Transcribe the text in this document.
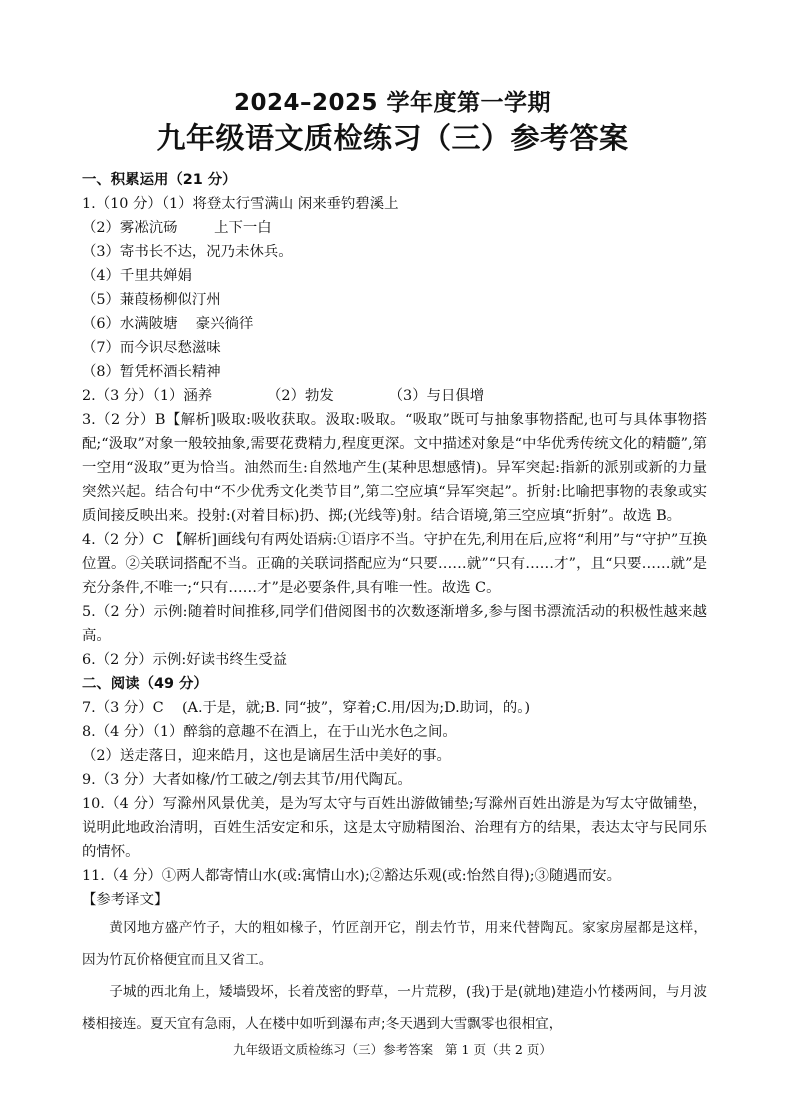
2024–2025 学年度第一学期
九年级语文质检练习（三）参考答案

一、积累运用（21 分）

1.（10 分）（1）将登太行雪满山 闲来垂钓碧溪上

（2）雾凇沆砀        上下一白

（3）寄书长不达，况乃未休兵。

（4）千里共婵娟

（5）蒹葭杨柳似汀州

（6）水满陂塘    豪兴徜徉

（7）而今识尽愁滋味

（8）暂凭杯酒长精神

2.（3 分）（1）涵养            （2）勃发            （3）与日俱增

3.（2 分）B【解析]吸取:吸收获取。汲取:吸取。“吸取”既可与抽象事物搭配,也可与具体事物搭配;“汲取”对象一般较抽象,需要花费精力,程度更深。文中描述对象是“中华优秀传统文化的精髓”,第一空用“汲取”更为恰当。油然而生:自然地产生(某种思想感情)。异军突起:指新的派别或新的力量突然兴起。结合句中“不少优秀文化类节目”,第二空应填“异军突起”。折射:比喻把事物的表象或实质间接反映出来。投射:(对着目标)扔、掷;(光线等)射。结合语境,第三空应填“折射”。故选 B。

4.（2 分）C 【解析]画线句有两处语病:①语序不当。守护在先,利用在后,应将“利用”与“守护”互换位置。②关联词搭配不当。正确的关联词搭配应为“只要……就”“只有……才”，且“只要……就”是充分条件,不唯一;“只有……才”是必要条件,具有唯一性。故选 C。

5.（2 分）示例:随着时间推移,同学们借阅图书的次数逐渐增多,参与图书漂流活动的积极性越来越高。

6.（2 分）示例:好读书终生受益

二、阅读（49 分）

7.（3 分）C    (A.于是，就;B. 同“披”，穿着;C.用/因为;D.助词，的。)

8.（4 分）（1）醉翁的意趣不在酒上，在于山光水色之间。

（2）送走落日，迎来皓月，这也是谪居生活中美好的事。

9.（3 分）大者如椽/竹工破之/刳去其节/用代陶瓦。

10.（4 分）写滁州风景优美，是为写太守与百姓出游做铺垫;写滁州百姓出游是为写太守做铺垫，说明此地政治清明，百姓生活安定和乐，这是太守励精图治、治理有方的结果，表达太守与民同乐的情怀。

11.（4 分）①两人都寄情山水(或:寓情山水);②豁达乐观(或:怡然自得);③随遇而安。

【参考译文】

黄冈地方盛产竹子，大的粗如椽子，竹匠剖开它，削去竹节，用来代替陶瓦。家家房屋都是这样，因为竹瓦价格便宜而且又省工。

子城的西北角上，矮墙毁坏，长着茂密的野草，一片荒秽，(我)于是(就地)建造小竹楼两间，与月波楼相接连。夏天宜有急雨，人在楼中如听到瀑布声;冬天遇到大雪飘零也很相宜，

九年级语文质检练习（三）参考答案   第 1 页（共 2 页）
